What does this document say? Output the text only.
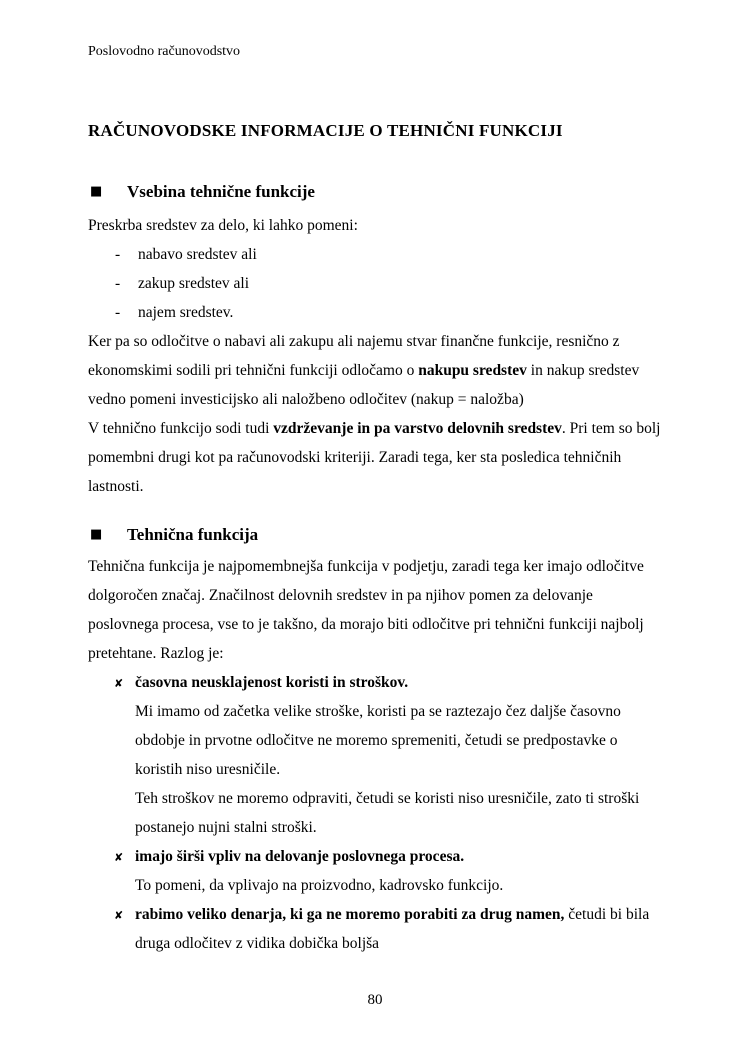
Poslovodno računovodstvo

RAČUNOVODSKE INFORMACIJE O TEHNIČNI FUNKCIJI
■ Vsebina tehnične funkcije

Preskrba sredstev za delo, ki lahko pomeni:

- nabavo sredstev ali
- zakup sredstev ali
- najem sredstev.

Ker pa so odločitve o nabavi ali zakupu ali najemu stvar finančne funkcije, resnično z ekonomskimi sodili pri tehnični funkciji odločamo o nakupu sredstev in nakup sredstev vedno pomeni investicijsko ali naložbeno odločitev (nakup = naložba)

V tehnično funkcijo sodi tudi vzdrževanje in pa varstvo delovnih sredstev. Pri tem so bolj pomembni drugi kot pa računovodski kriteriji. Zaradi tega, ker sta posledica tehničnih lastnosti.

■ Tehnična funkcija

Tehnična funkcija je najpomembnejša funkcija v podjetju, zaradi tega ker imajo odločitve dolgoročen značaj. Značilnost delovnih sredstev in pa njihov pomen za delovanje poslovnega procesa, vse to je takšno, da morajo biti odločitve pri tehnični funkciji najbolj pretehtane. Razlog je:

✘ časovna neusklajenost koristi in stroškov.

Mi imamo od začetka velike stroške, koristi pa se raztezajo čez daljše časovno obdobje in prvotne odločitve ne moremo spremeniti, četudi se predpostavke o koristih niso uresničile.

Teh stroškov ne moremo odpraviti, četudi se koristi niso uresničile, zato ti stroški postanejo nujni stalni stroški.

✘ imajo širši vpliv na delovanje poslovnega procesa.

To pomeni, da vplivajo na proizvodno, kadrovsko funkcijo.

✘ rabimo veliko denarja, ki ga ne moremo porabiti za drug namen, četudi bi bila druga odločitev z vidika dobička boljša

80
